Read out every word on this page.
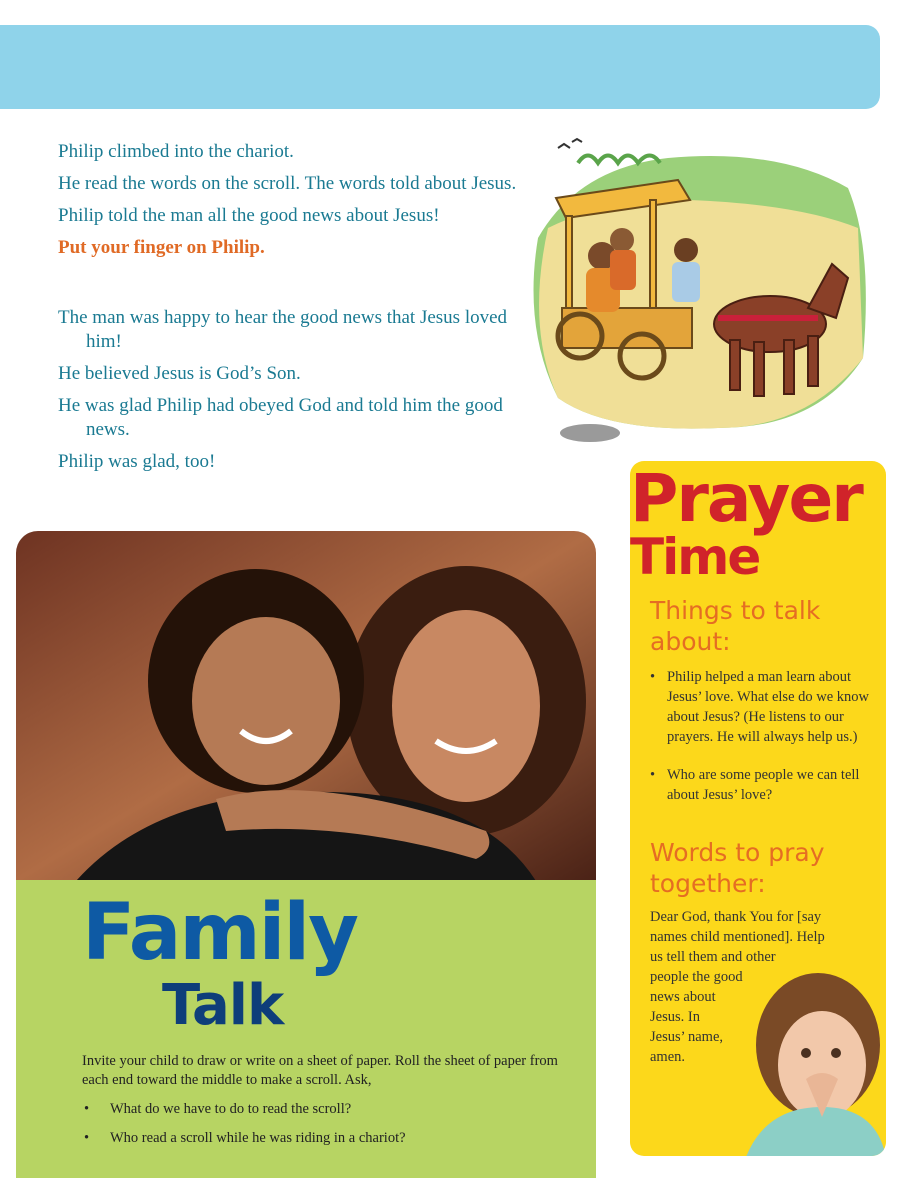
Philip climbed into the chariot.

He read the words on the scroll. The words told about Jesus.

Philip told the man all the good news about Jesus!

Put your finger on Philip.

The man was happy to hear the good news that Jesus loved him!

He believed Jesus is God’s Son.

He was glad Philip had obeyed God and told him the good news.

Philip was glad, too!

Family
Talk
Invite your child to draw or write on a sheet of paper. Roll the sheet of paper from each end toward the middle to make a scroll. Ask,
• What do we have to do to read the scroll?
• Who read a scroll while he was riding in a chariot?
Prayer
Time
Things to talk about:
• Philip helped a man learn about Jesus’ love. What else do we know about Jesus? (He listens to our prayers. He will always help us.)
• Who are some people we can tell about Jesus’ love?
Words to pray together:
Dear God, thank You for [say
names child mentioned]. Help
us tell them and other
people the good
news about
Jesus. In
Jesus’ name,
amen.
